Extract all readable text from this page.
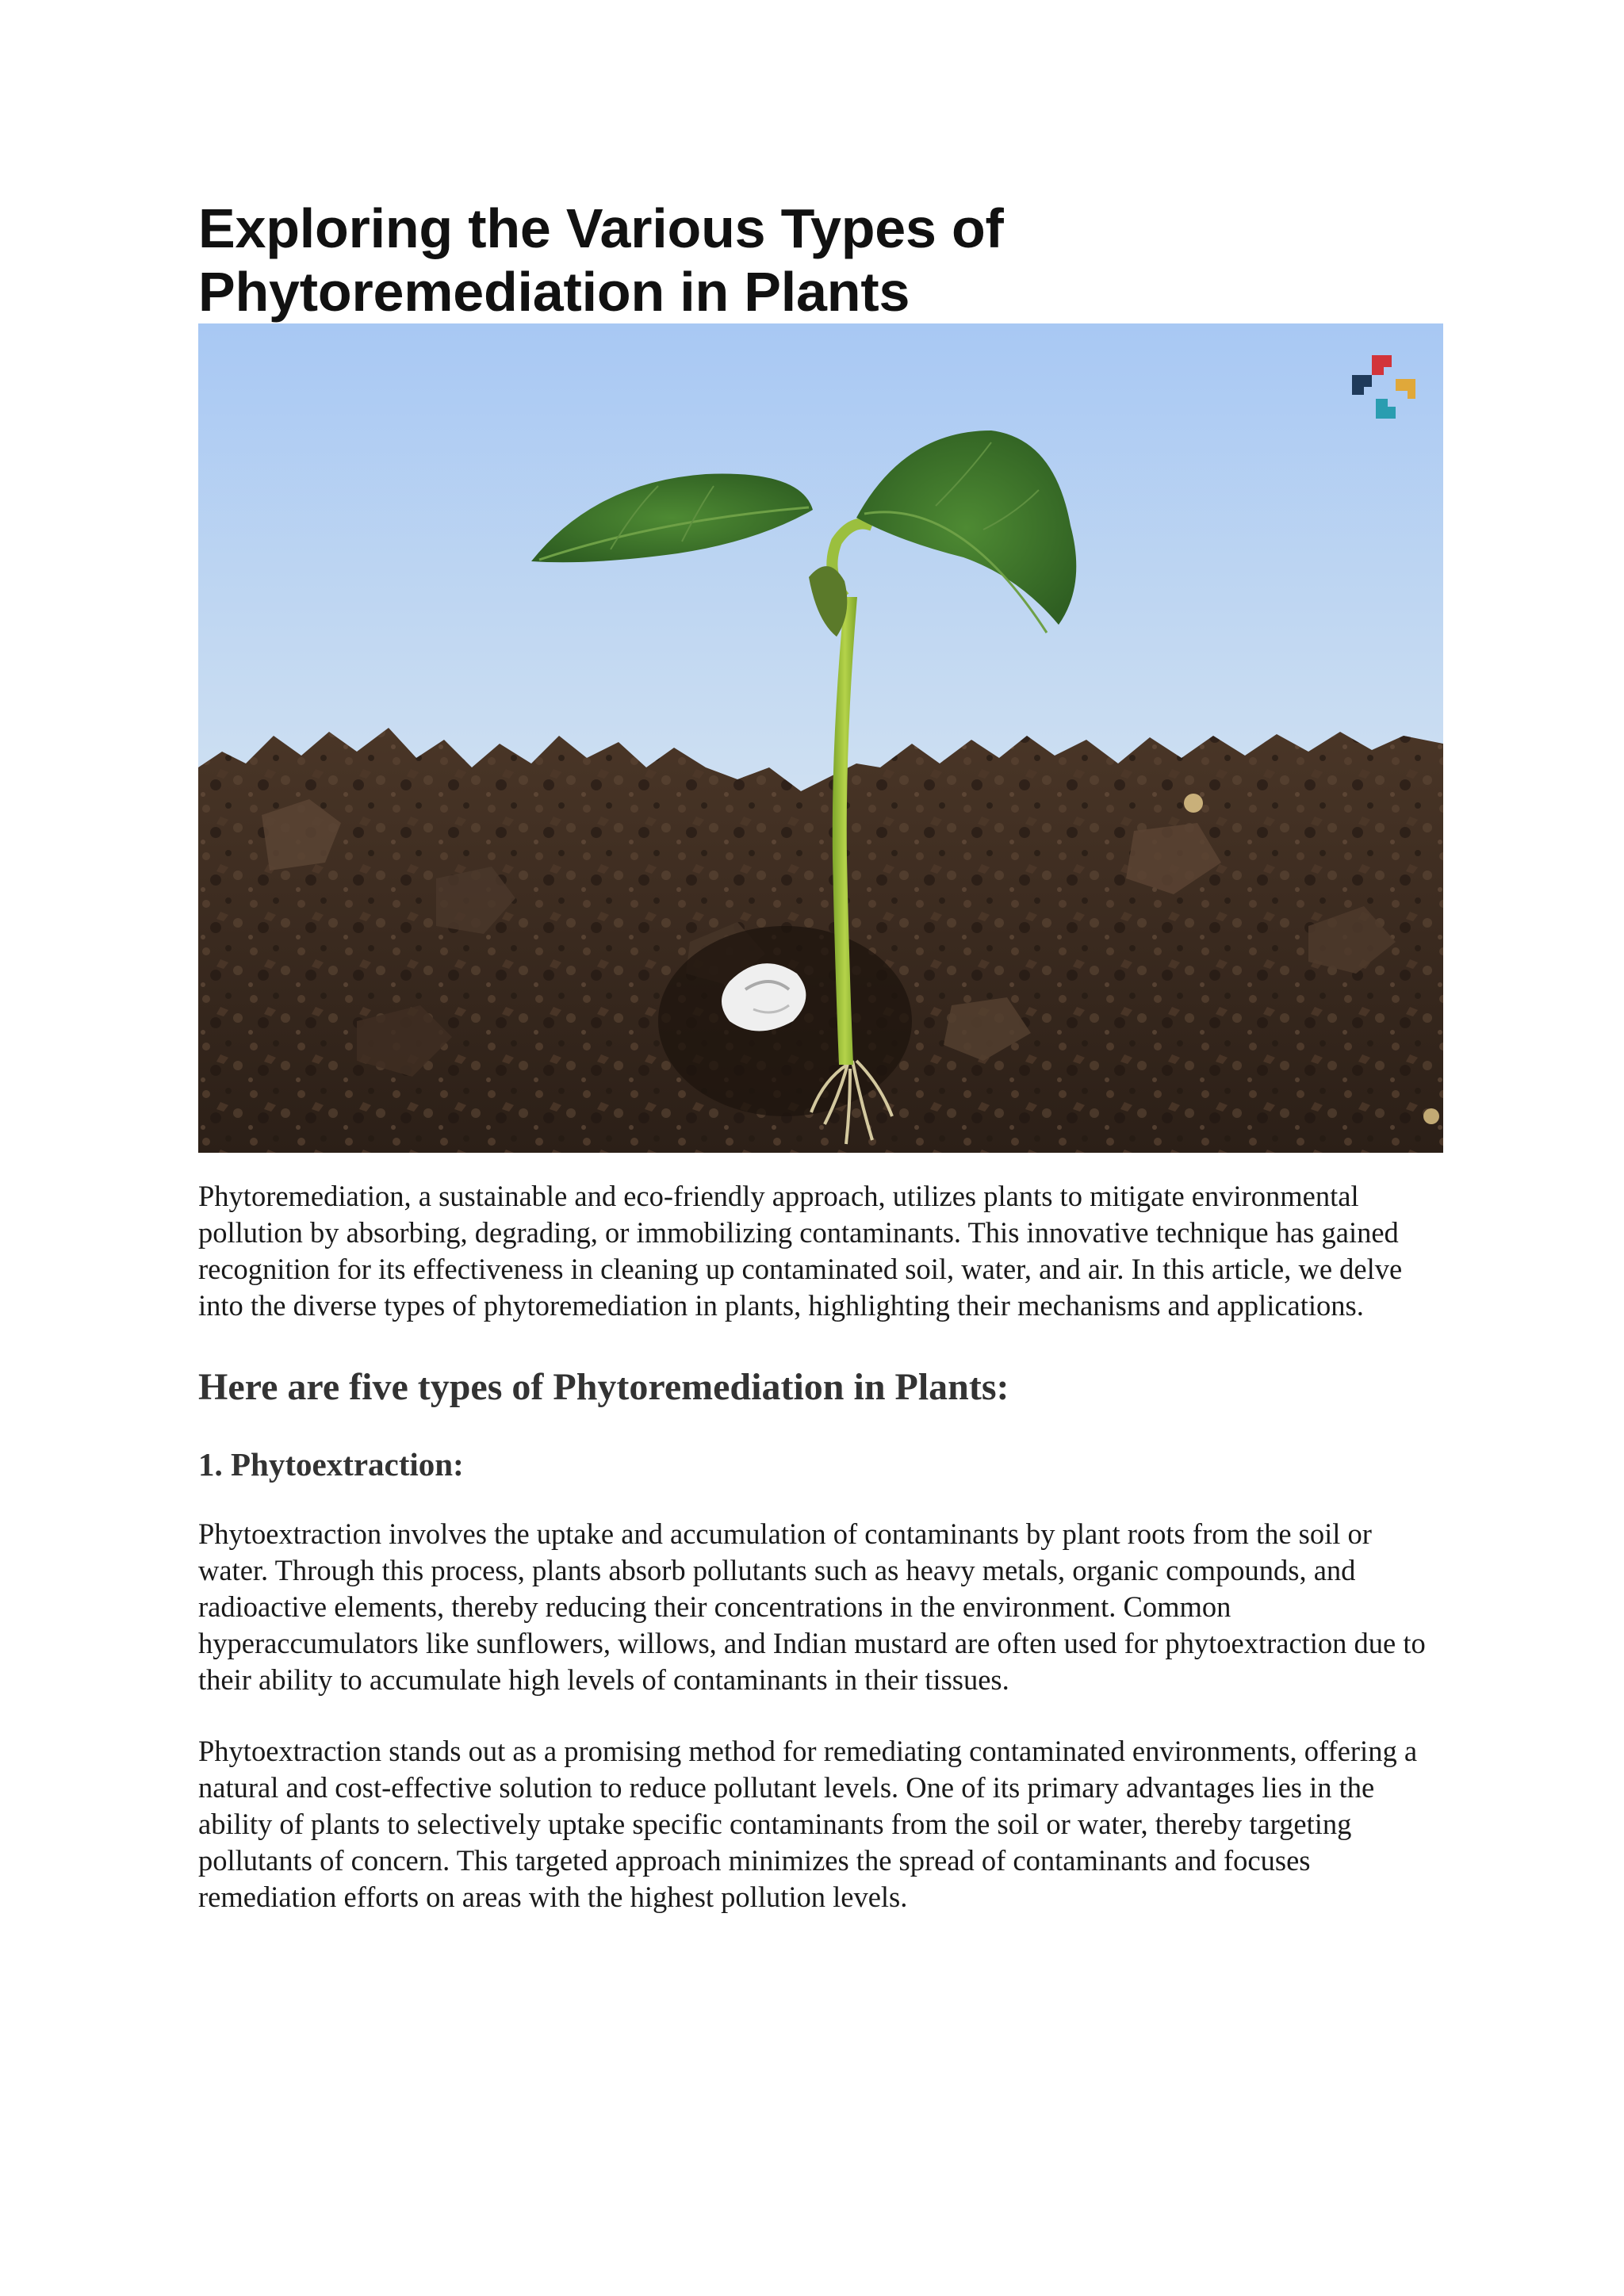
Exploring the Various Types of
Phytoremediation in Plants

Phytoremediation, a sustainable and eco-friendly approach, utilizes plants to mitigate environmental pollution by absorbing, degrading, or immobilizing contaminants. This innovative technique has gained recognition for its effectiveness in cleaning up contaminated soil, water, and air. In this article, we delve into the diverse types of phytoremediation in plants, highlighting their mechanisms and applications.

Here are five types of Phytoremediation in Plants:
1. Phytoextraction:

Phytoextraction involves the uptake and accumulation of contaminants by plant roots from the soil or water. Through this process, plants absorb pollutants such as heavy metals, organic compounds, and radioactive elements, thereby reducing their concentrations in the environment. Common hyperaccumulators like sunflowers, willows, and Indian mustard are often used for phytoextraction due to their ability to accumulate high levels of contaminants in their tissues.

Phytoextraction stands out as a promising method for remediating contaminated environments, offering a natural and cost-effective solution to reduce pollutant levels. One of its primary advantages lies in the ability of plants to selectively uptake specific contaminants from the soil or water, thereby targeting pollutants of concern. This targeted approach minimizes the spread of contaminants and focuses remediation efforts on areas with the highest pollution levels.
